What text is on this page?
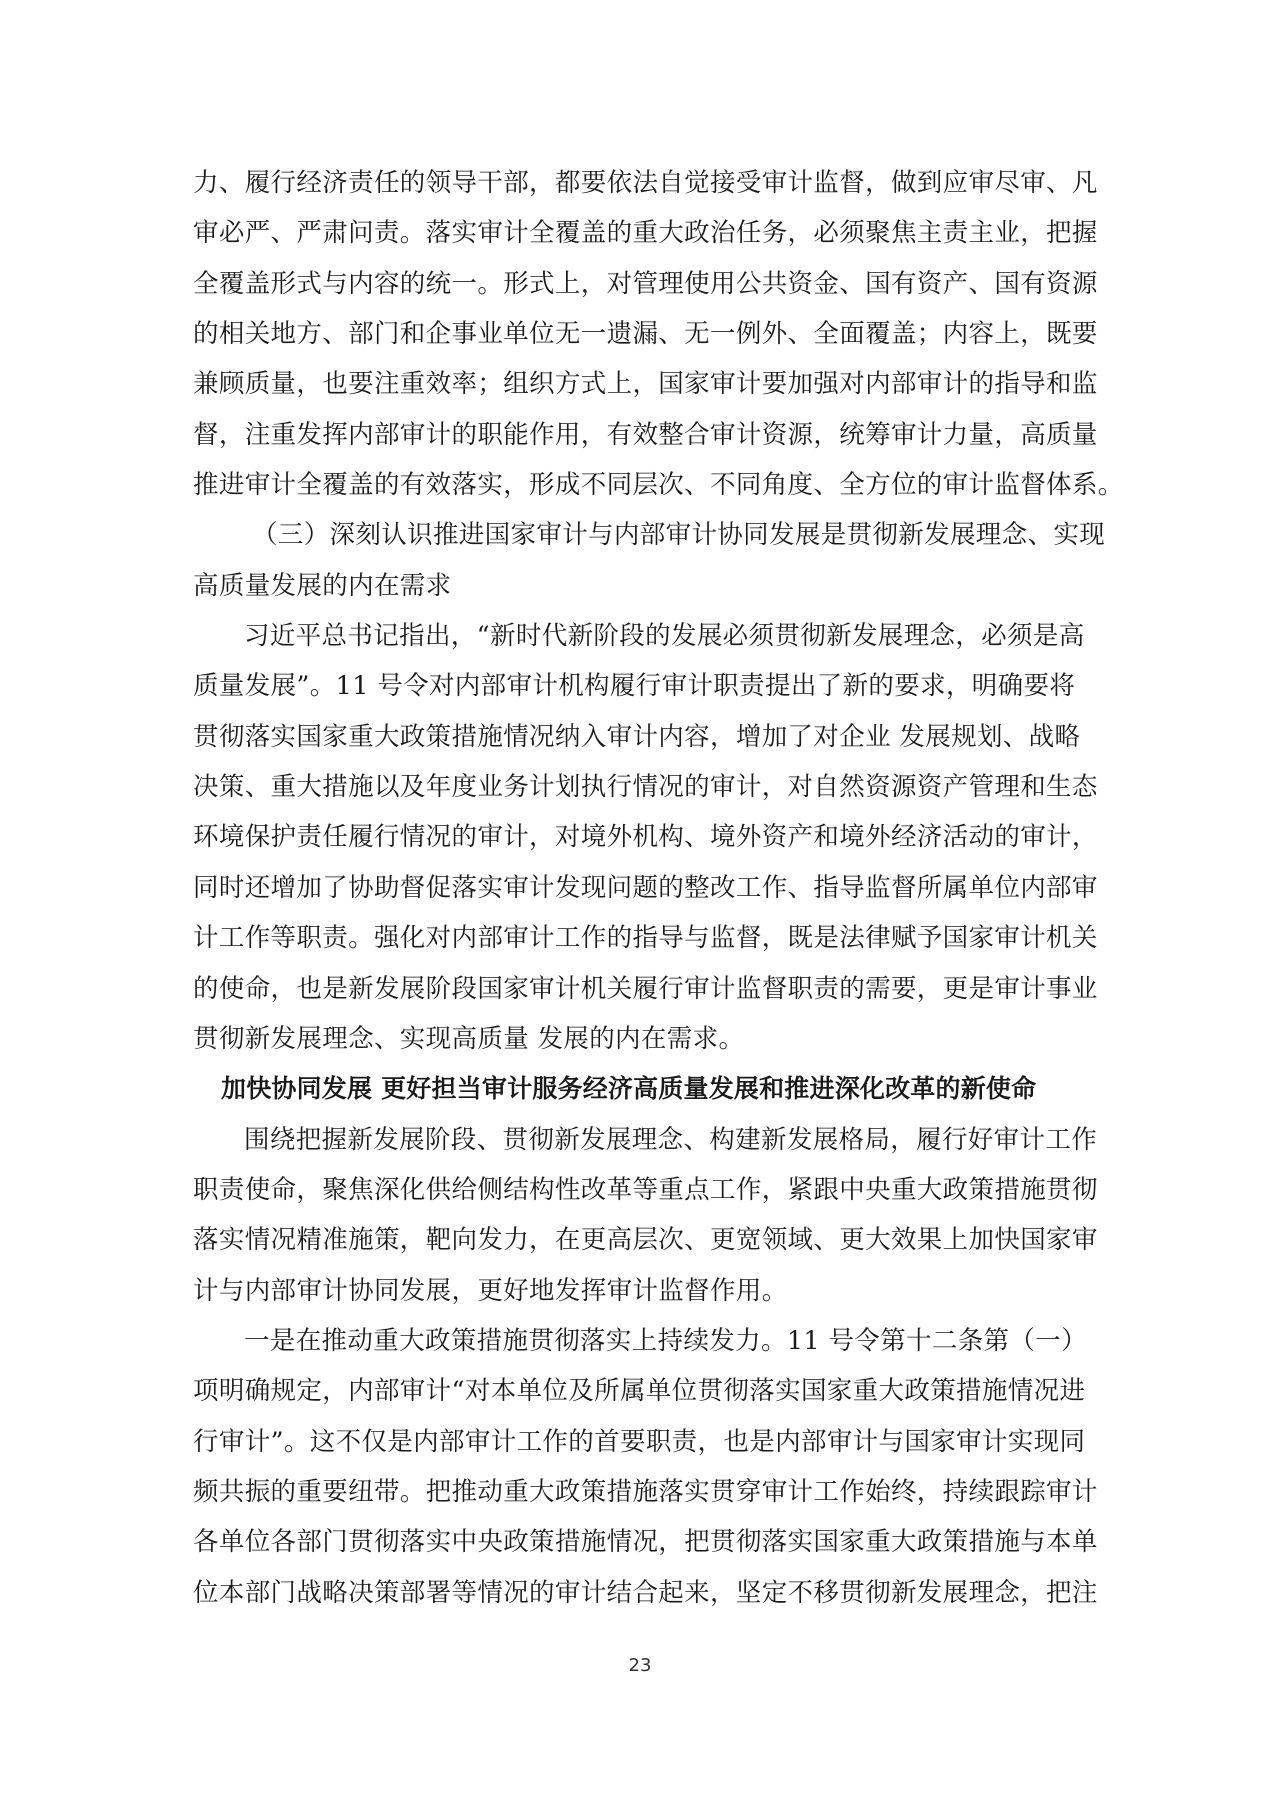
力、履行经济责任的领导干部，都要依法自觉接受审计监督，做到应审尽审、凡
审必严、严肃问责。落实审计全覆盖的重大政治任务，必须聚焦主责主业，把握
全覆盖形式与内容的统一。形式上，对管理使用公共资金、国有资产、国有资源
的相关地方、部门和企事业单位无一遗漏、无一例外、全面覆盖；内容上，既要
兼顾质量，也要注重效率；组织方式上，国家审计要加强对内部审计的指导和监
督，注重发挥内部审计的职能作用，有效整合审计资源，统筹审计力量，高质量
推进审计全覆盖的有效落实，形成不同层次、不同角度、全方位的审计监督体系。
（三）深刻认识推进国家审计与内部审计协同发展是贯彻新发展理念、实现
高质量发展的内在需求
习近平总书记指出，“新时代新阶段的发展必须贯彻新发展理念，必须是高
质量发展”。11 号令对内部审计机构履行审计职责提出了新的要求，明确要将
贯彻落实国家重大政策措施情况纳入审计内容，增加了对企业 发展规划、战略
决策、重大措施以及年度业务计划执行情况的审计，对自然资源资产管理和生态
环境保护责任履行情况的审计，对境外机构、境外资产和境外经济活动的审计，
同时还增加了协助督促落实审计发现问题的整改工作、指导监督所属单位内部审
计工作等职责。强化对内部审计工作的指导与监督，既是法律赋予国家审计机关
的使命，也是新发展阶段国家审计机关履行审计监督职责的需要，更是审计事业
贯彻新发展理念、实现高质量 发展的内在需求。
加快协同发展 更好担当审计服务经济高质量发展和推进深化改革的新使命
围绕把握新发展阶段、贯彻新发展理念、构建新发展格局，履行好审计工作
职责使命，聚焦深化供给侧结构性改革等重点工作，紧跟中央重大政策措施贯彻
落实情况精准施策，靶向发力，在更高层次、更宽领域、更大效果上加快国家审
计与内部审计协同发展，更好地发挥审计监督作用。
一是在推动重大政策措施贯彻落实上持续发力。11 号令第十二条第（一）
项明确规定，内部审计“对本单位及所属单位贯彻落实国家重大政策措施情况进
行审计”。这不仅是内部审计工作的首要职责，也是内部审计与国家审计实现同
频共振的重要纽带。把推动重大政策措施落实贯穿审计工作始终，持续跟踪审计
各单位各部门贯彻落实中央政策措施情况，把贯彻落实国家重大政策措施与本单
位本部门战略决策部署等情况的审计结合起来，坚定不移贯彻新发展理念，把注
23
